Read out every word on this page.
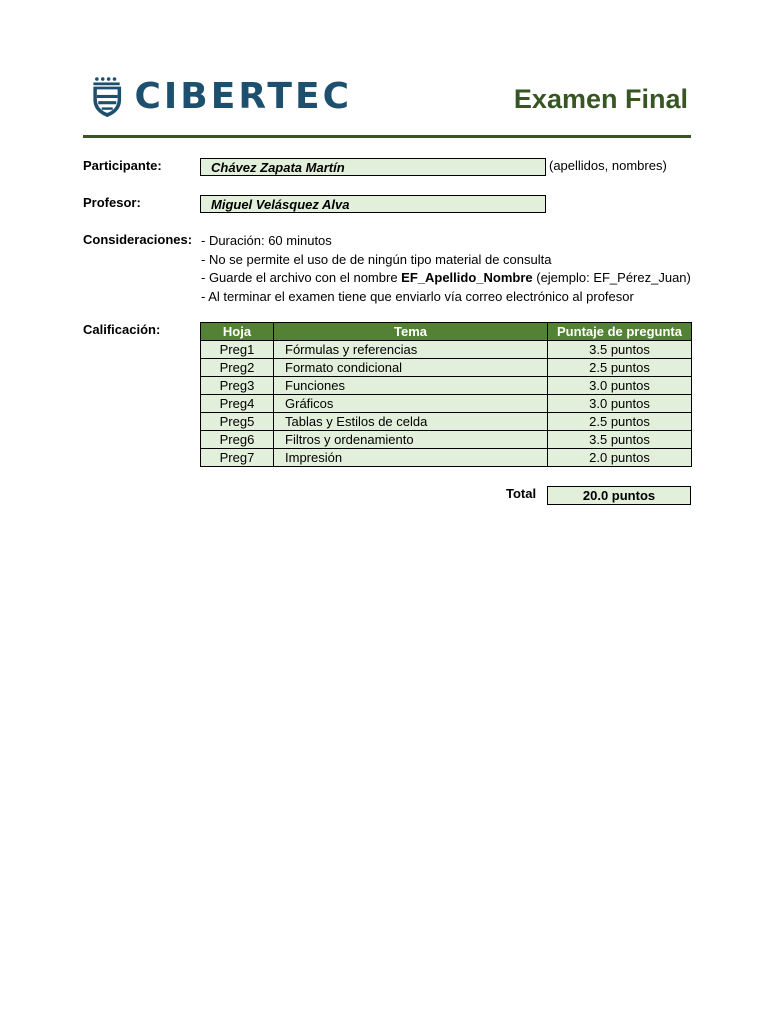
CIBERTEC	Examen Final
Participante:	Chávez Zapata Martín	(apellidos, nombres)
Profesor:	Miguel Velásquez Alva
Consideraciones: - Duración: 60 minutos
- No se permite el uso de de ningún tipo material de consulta
- Guarde el archivo con el nombre EF_Apellido_Nombre (ejemplo: EF_Pérez_Juan)
- Al terminar el examen tiene que enviarlo vía correo electrónico al profesor
Calificación:	Hoja	Tema	Puntaje de pregunta
Preg1	Fórmulas y referencias	3.5 puntos
Preg2	Formato condicional	2.5 puntos
Preg3	Funciones	3.0 puntos
Preg4	Gráficos	3.0 puntos
Preg5	Tablas y Estilos de celda	2.5 puntos
Preg6	Filtros y ordenamiento	3.5 puntos
Preg7	Impresión	2.0 puntos
Total	20.0 puntos
